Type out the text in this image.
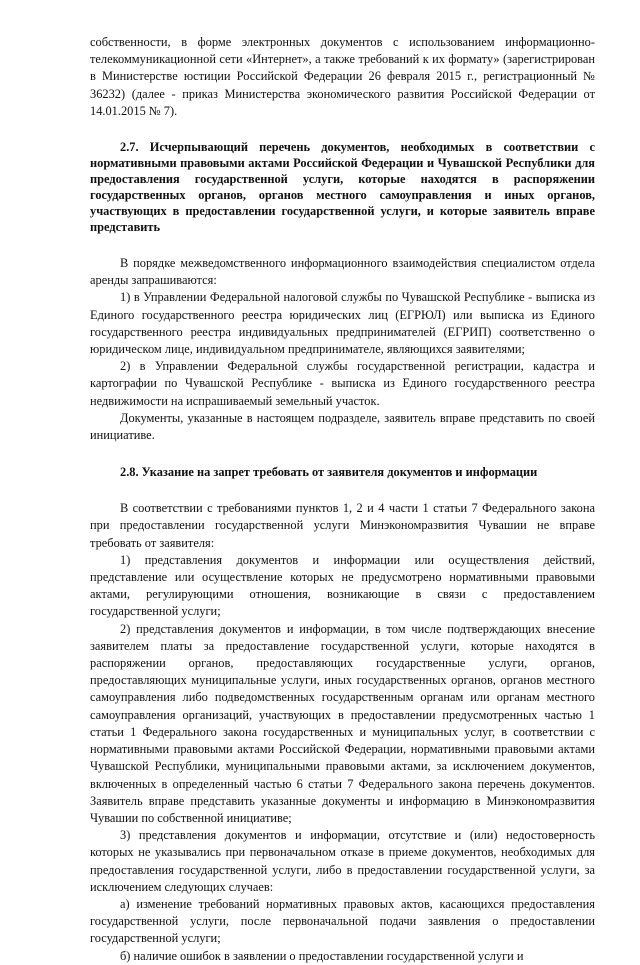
собственности, в форме электронных документов с использованием информационно-телекоммуникационной сети «Интернет», а также требований к их формату» (зарегистрирован в Министерстве юстиции Российской Федерации 26 февраля 2015 г., регистрационный № 36232) (далее - приказ Министерства экономического развития Российской Федерации от 14.01.2015 № 7).

2.7. Исчерпывающий перечень документов, необходимых в соответствии с нормативными правовыми актами Российской Федерации и Чувашской Республики для предоставления государственной услуги, которые находятся в распоряжении государственных органов, органов местного самоуправления и иных органов, участвующих в предоставлении государственной услуги, и которые заявитель вправе представить

В порядке межведомственного информационного взаимодействия специалистом отдела аренды запрашиваются:

1) в Управлении Федеральной налоговой службы по Чувашской Республике - выписка из Единого государственного реестра юридических лиц (ЕГРЮЛ) или выписка из Единого государственного реестра индивидуальных предпринимателей (ЕГРИП) соответственно о юридическом лице, индивидуальном предпринимателе, являющихся заявителями;

2) в Управлении Федеральной службы государственной регистрации, кадастра и картографии по Чувашской Республике - выписка из Единого государственного реестра недвижимости на испрашиваемый земельный участок.

Документы, указанные в настоящем подразделе, заявитель вправе представить по своей инициативе.

2.8. Указание на запрет требовать от заявителя документов и информации

В соответствии с требованиями пунктов 1, 2 и 4 части 1 статьи 7 Федерального закона при предоставлении государственной услуги Минэкономразвития Чувашии не вправе требовать от заявителя:

1) представления документов и информации или осуществления действий, представление или осуществление которых не предусмотрено нормативными правовыми актами, регулирующими отношения, возникающие в связи с предоставлением государственной услуги;

2) представления документов и информации, в том числе подтверждающих внесение заявителем платы за предоставление государственной услуги, которые находятся в распоряжении органов, предоставляющих государственные услуги, органов, предоставляющих муниципальные услуги, иных государственных органов, органов местного самоуправления либо подведомственных государственным органам или органам местного самоуправления организаций, участвующих в предоставлении предусмотренных частью 1 статьи 1 Федерального закона государственных и муниципальных услуг, в соответствии с нормативными правовыми актами Российской Федерации, нормативными правовыми актами Чувашской Республики, муниципальными правовыми актами, за исключением документов, включенных в определенный частью 6 статьи 7 Федерального закона перечень документов. Заявитель вправе представить указанные документы и информацию в Минэкономразвития Чувашии по собственной инициативе;

3) представления документов и информации, отсутствие и (или) недостоверность которых не указывались при первоначальном отказе в приеме документов, необходимых для предоставления государственной услуги, либо в предоставлении государственной услуги, за исключением следующих случаев:

а) изменение требований нормативных правовых актов, касающихся предоставления государственной услуги, после первоначальной подачи заявления о предоставлении государственной услуги;

б) наличие ошибок в заявлении о предоставлении государственной услуги и
